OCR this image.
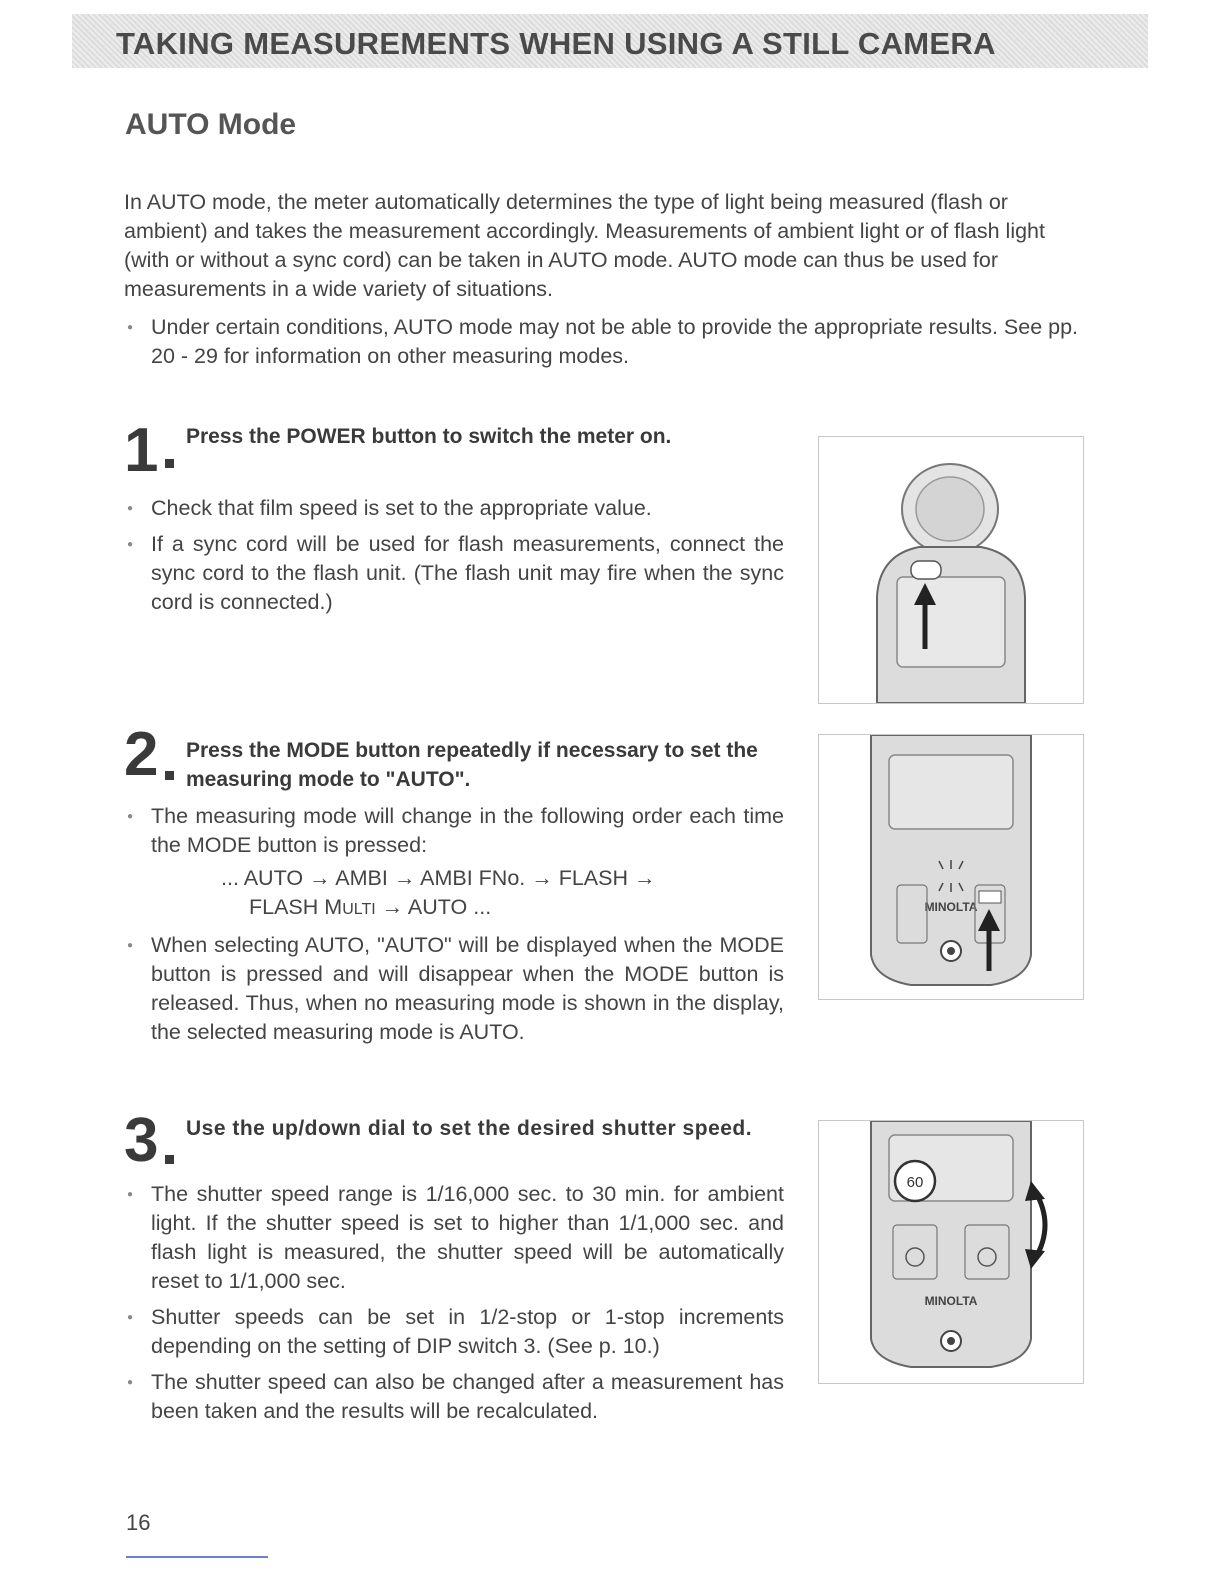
TAKING MEASUREMENTS WHEN USING A STILL CAMERA
AUTO Mode

In AUTO mode, the meter automatically determines the type of light being measured (flash or ambient) and takes the measurement accordingly. Measurements of ambient light or of flash light (with or without a sync cord) can be taken in AUTO mode. AUTO mode can thus be used for measurements in a wide variety of situations.

● Under certain conditions, AUTO mode may not be able to provide the appropriate results. See pp. 20 - 29 for information on other measuring modes.
1 Press the POWER button to switch the meter on.
● Check that film speed is set to the appropriate value.
● If a sync cord will be used for flash measurements, connect the sync cord to the flash unit. (The flash unit may fire when the sync cord is connected.)
2 Press the MODE button repeatedly if necessary to set the measuring mode to "AUTO".
● The measuring mode will change in the following order each time the MODE button is pressed:
... AUTO → AMBI → AMBI FNo. → FLASH →
FLASH MULTI → AUTO ...
● When selecting AUTO, "AUTO" will be displayed when the MODE button is pressed and will disappear when the MODE button is released. Thus, when no measuring mode is shown in the display, the selected measuring mode is AUTO.
MINOLTA
3 Use the up/down dial to set the desired shutter speed.
● The shutter speed range is 1/16,000 sec. to 30 min. for ambient light. If the shutter speed is set to higher than 1/1,000 sec. and flash light is measured, the shutter speed will be automatically reset to 1/1,000 sec.
● Shutter speeds can be set in 1/2-stop or 1-stop increments depending on the setting of DIP switch 3. (See p. 10.)
● The shutter speed can also be changed after a measurement has been taken and the results will be recalculated.
60
MINOLTA
16
